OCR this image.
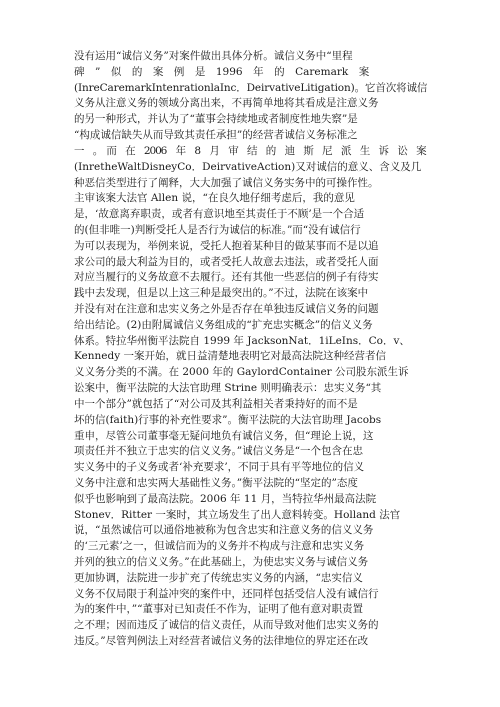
没有运用“诚信义务”对案件做出具体分析。诚信义务中“里程
碑　”　似　的　案　例　是　1996　年　的　Caremark　案
(InreCaremarkIntenrationlaInc．DeirvativeLitigation)。它首次将诚信
义务从注意义务的领域分离出来，不再简单地将其看成是注意义务
的另一种形式，并认为了“董事会持续地或者制度性地失察”是
“构成诚信缺失从而导致其责任承担”的经营者诚信义务标准之
一　。　而　在　2006　年　8　月　审　结　的　迪　斯　尼　派　生　诉　讼　案
(InretheWaltDisneyCo．DeirvativeAction)又对诚信的意义、含义及几
种恶信类型进行了阐释，大大加强了诚信义务实务中的可操作性。
主审该案大法官 Allen 说，“在良久地仔细考虑后，我的意见
是，‘故意离弃职责，或者有意识地至其责任于不顾’是一个合适
的(但非唯一)判断受托人是否行为诚信的标准。”而“没有诚信行
为可以表现为，举例来说，受托人抱着某种目的做某事而不是以追
求公司的最大利益为目的，或者受托人故意去违法，或者受托人面
对应当履行的义务故意不去履行。还有其他一些恶信的例子有待实
践中去发现，但是以上这三种是最突出的。”不过，法院在该案中
并没有对在注意和忠实义务之外是否存在单独违反诚信义务的问题
给出结论。(2)由附属诚信义务组成的“扩充忠实概念”的信义义务
体系。特拉华州衡平法院自 1999 年 JacksonNat．1iLeIns．Co．v、
Kennedy 一案开始，就日益清楚地表明它对最高法院这种经营者信
义义务分类的不满。在 2000 年的 GaylordContainer 公司股东派生诉
讼案中，衡平法院的大法官助理 Strine 则明确表示：忠实义务“其
中一个部分”就包括了“对公司及其利益相关者秉持好的而不是
坏的信(faith)行事的补充性要求”。衡平法院的大法官助理 Jacobs
重申，尽管公司董事毫无疑问地负有诚信义务，但“理论上说，这
项责任并不独立于忠实的信义义务。”诚信义务是“一个包含在忠
实义务中的子义务或者‘补充要求’，不同于具有平等地位的信义
义务中注意和忠实两大基础性义务。”衡平法院的“坚定的”态度
似乎也影响到了最高法院。2006 年 11 月，当特拉华州最高法院
Stonev．Ritter 一案时，其立场发生了出人意料转变。Holland 法官
说，“虽然诚信可以通俗地被称为包含忠实和注意义务的信义义务
的‘三元素’之一，但诚信而为的义务并不构成与注意和忠实义务
并列的独立的信义义务。”在此基础上，为使忠实义务与诚信义务
更加协调，法院进一步扩充了传统忠实义务的内涵，“忠实信义
义务不仅局限于利益冲突的案件中，还同样包括受信人没有诚信行
为的案件中，”“董事对已知责任不作为，证明了他有意对职责置
之不理；因而违反了诚信的信义责任，从而导致对他们忠实义务的
违反。”尽管判例法上对经营者诚信义务的法律地位的界定还在改
